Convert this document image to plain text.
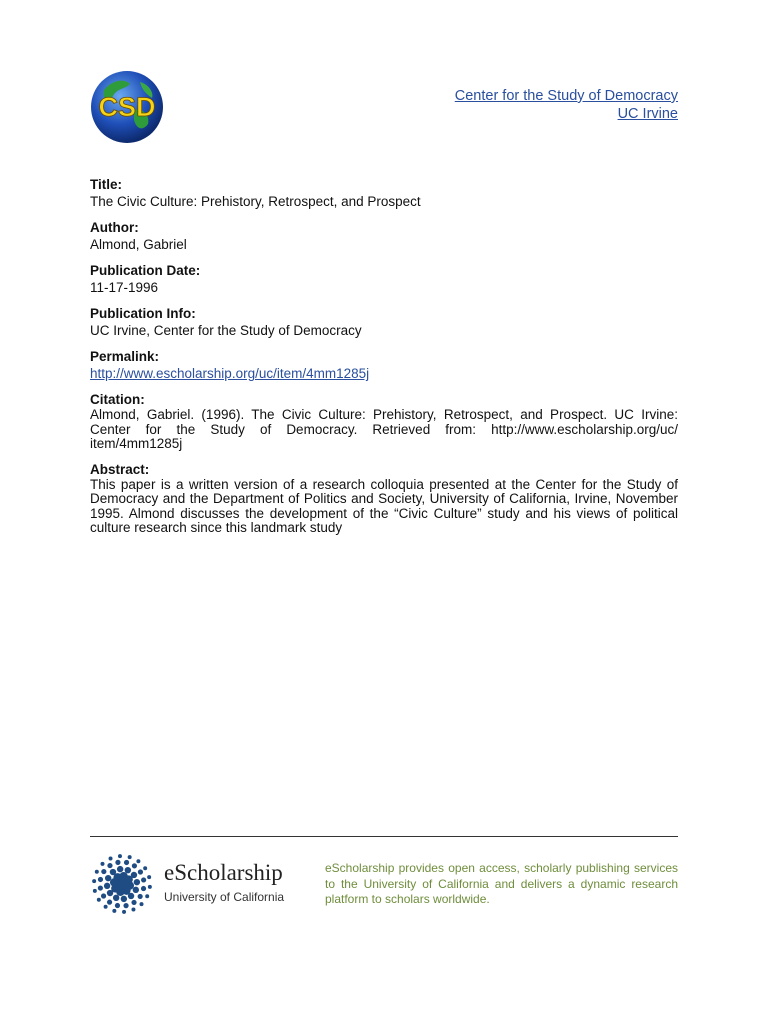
CSD	Center for the Study of Democracy
UC Irvine
Title:
The Civic Culture: Prehistory, Retrospect, and Prospect
Author:
Almond, Gabriel
Publication Date:
11-17-1996
Publication Info:
UC Irvine, Center for the Study of Democracy
Permalink:
http://www.escholarship.org/uc/item/4mm1285j
Citation:
Almond, Gabriel. (1996). The Civic Culture: Prehistory, Retrospect, and Prospect. UC Irvine: Center for the Study of Democracy. Retrieved from: http://www.escholarship.org/uc/ item/4mm1285j
Abstract:
This paper is a written version of a research colloquia presented at the Center for the Study of Democracy and the Department of Politics and Society, University of California, Irvine, November 1995. Almond discusses the development of the “Civic Culture” study and his views of political culture research since this landmark study
eScholarship
University of California
eScholarship provides open access, scholarly publishing services to the University of California and delivers a dynamic research platform to scholars worldwide.
